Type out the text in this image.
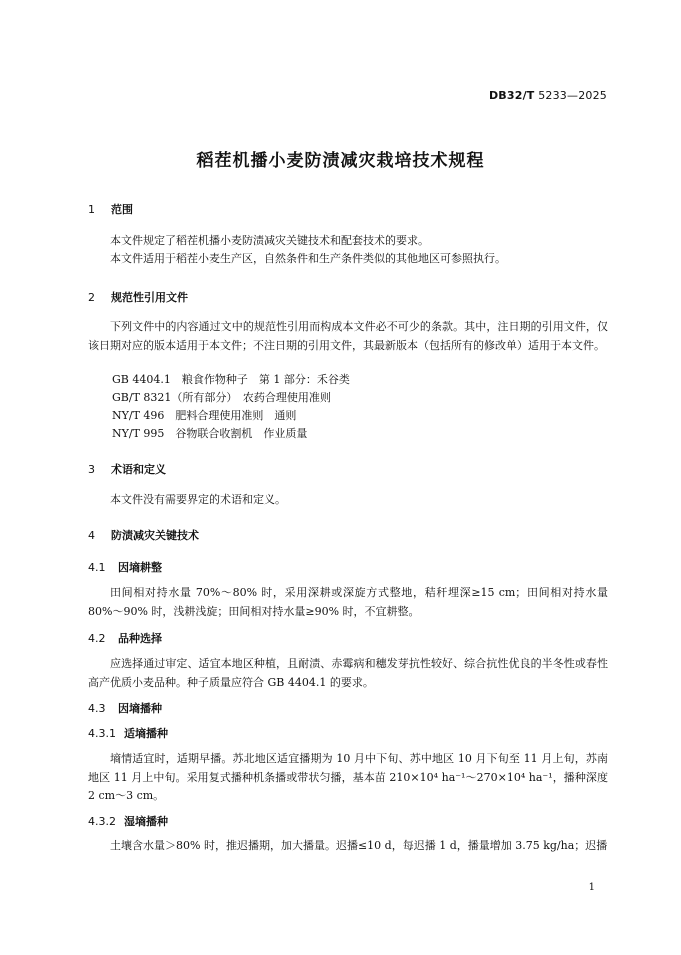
DB32/T 5233—2025
稻茬机播小麦防渍减灾栽培技术规程
1 范围
本文件规定了稻茬机播小麦防渍减灾关键技术和配套技术的要求。
本文件适用于稻茬小麦生产区，自然条件和生产条件类似的其他地区可参照执行。
2 规范性引用文件
下列文件中的内容通过文中的规范性引用而构成本文件必不可少的条款。其中，注日期的引用文件，仅该日期对应的版本适用于本文件；不注日期的引用文件，其最新版本（包括所有的修改单）适用于本文件。
GB 4404.1　粮食作物种子　第 1 部分：禾谷类
GB/T 8321（所有部分）　农药合理使用准则
NY/T 496　肥料合理使用准则　通则
NY/T 995　谷物联合收割机　作业质量
3 术语和定义
本文件没有需要界定的术语和定义。
4 防渍减灾关键技术
4.1 因墒耕整
田间相对持水量 70%～80% 时，采用深耕或深旋方式整地，秸秆埋深≥15 cm；田间相对持水量 80%～90% 时，浅耕浅旋；田间相对持水量≥90% 时，不宜耕整。
4.2 品种选择
应选择通过审定、适宜本地区种植，且耐渍、赤霉病和穗发芽抗性较好、综合抗性优良的半冬性或春性高产优质小麦品种。种子质量应符合 GB 4404.1 的要求。
4.3 因墒播种
4.3.1 适墒播种
墒情适宜时，适期早播。苏北地区适宜播期为 10 月中下旬、苏中地区 10 月下旬至 11 月上旬，苏南地区 11 月上中旬。采用复式播种机条播或带状匀播，基本苗 210×10⁴ ha⁻¹～270×10⁴ ha⁻¹，播种深度 2 cm～3 cm。
4.3.2 湿墒播种
土壤含水量＞80% 时，推迟播期，加大播量。迟播≤10 d，每迟播 1 d，播量增加 3.75 kg/ha；迟播
1
